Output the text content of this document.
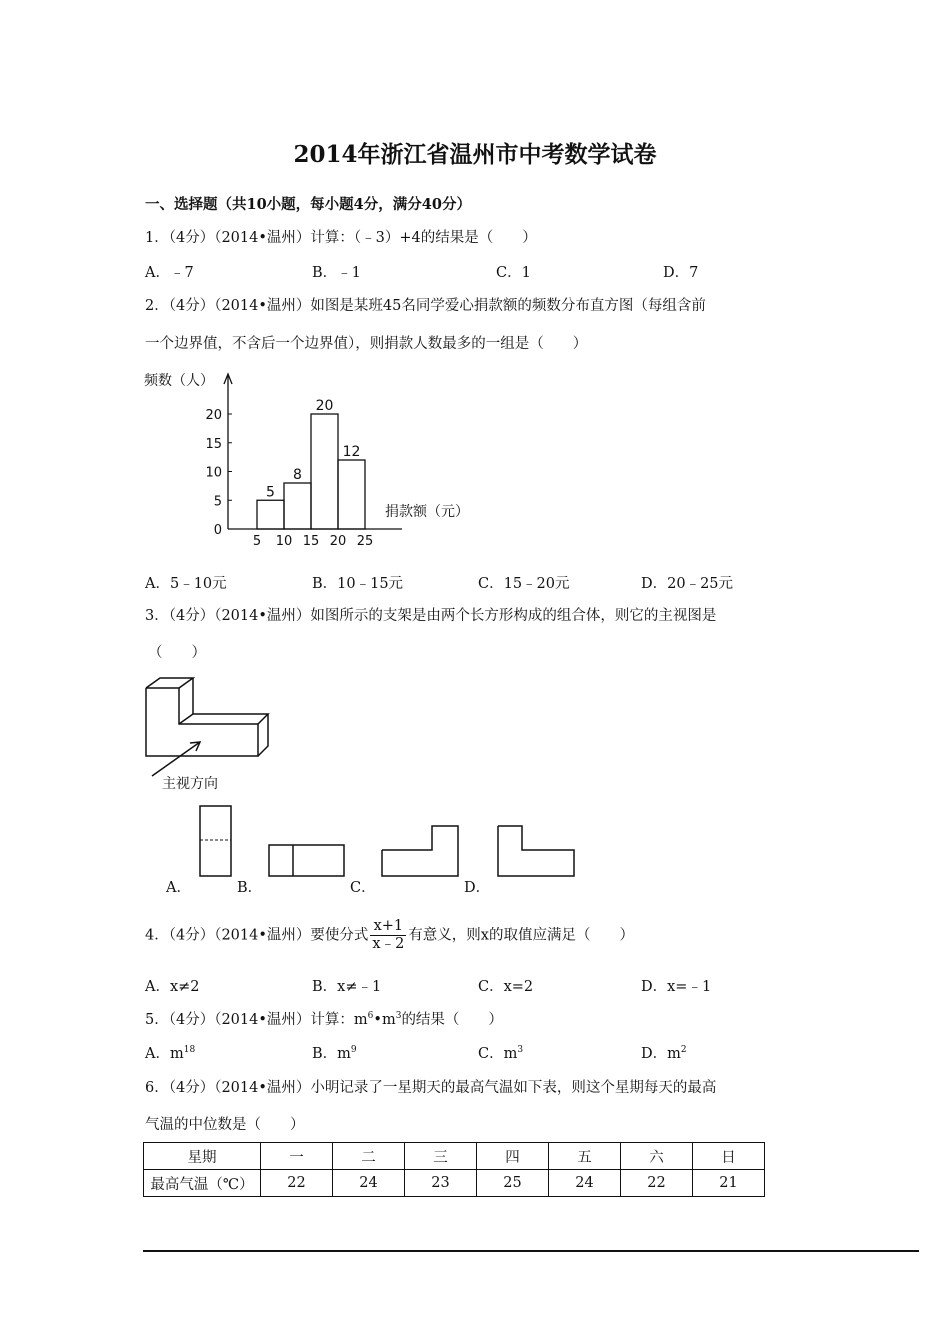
2014年浙江省温州市中考数学试卷
一、选择题（共10小题，每小题4分，满分40分）
1．（4分）（2014•温州）计算：（﹣3）+4的结果是（　　）
A．﹣7	B．﹣1	C．1	D．7
2．（4分）（2014•温州）如图是某班45名同学爱心捐款额的频数分布直方图（每组含前
一个边界值，不含后一个边界值），则捐款人数最多的一组是（　　）
频数（人）
捐款额（元）
5
8
20
12
5 10 15 20 25
0
5
10
15
20
A．5﹣10元	B．10﹣15元	C．15﹣20元	D．20﹣25元
3．（4分）（2014•温州）如图所示的支架是由两个长方形构成的组合体，则它的主视图是
（　　）
主视方向
A．	B．	C．	D．
4．（4分）（2014•温州）要使分式 $\frac{x+1}{x﹣2}$ 有意义，则x的取值应满足（　　）
A．x≠2	B．x≠﹣1	C．x=2	D．x=﹣1
5．（4分）（2014•温州）计算：$m^6•m^3$的结果（　　）
A．$m^{18}$	B．$m^9$	C．$m^3$	D．$m^2$
6．（4分）（2014•温州）小明记录了一星期天的最高气温如下表，则这个星期每天的最高
气温的中位数是（　　）
星期	一	二	三	四	五	六	日
最高气温（℃）	22	24	23	25	24	22	21
